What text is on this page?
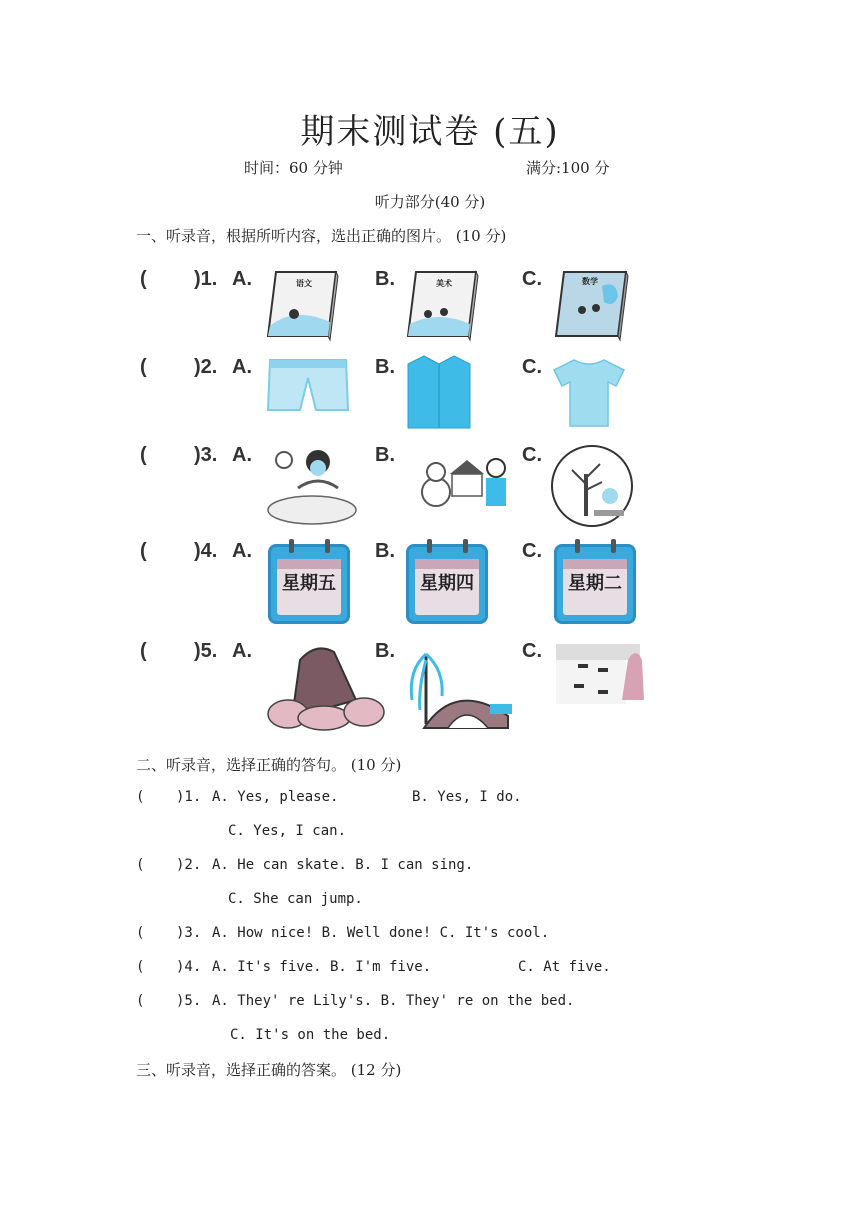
期末测试卷 (五)
时间：60 分钟	满分:100 分
听力部分(40 分)
一、听录音，根据所听内容，选出正确的图片。 (10 分)
( )1. A.	B.	C.
语文	美术	数学
( )2. A.	B.	C.
( )3. A.	B.	C.
( )4. A.	B.	C.
星期五	星期四	星期二
( )5. A.	B.	C.
二、听录音，选择正确的答句。 (10 分)
( )1. A. Yes, please.	B. Yes, I do.
C. Yes, I can.
( )2. A. He can skate. B. I can sing.
C. She can jump.
( )3. A. How nice! B. Well done! C. It's cool.
( )4. A. It's five. B. I'm five.	C. At five.
( )5. A. They' re Lily's. B. They' re on the bed.
C. It's on the bed.
三、听录音，选择正确的答案。 (12 分)
